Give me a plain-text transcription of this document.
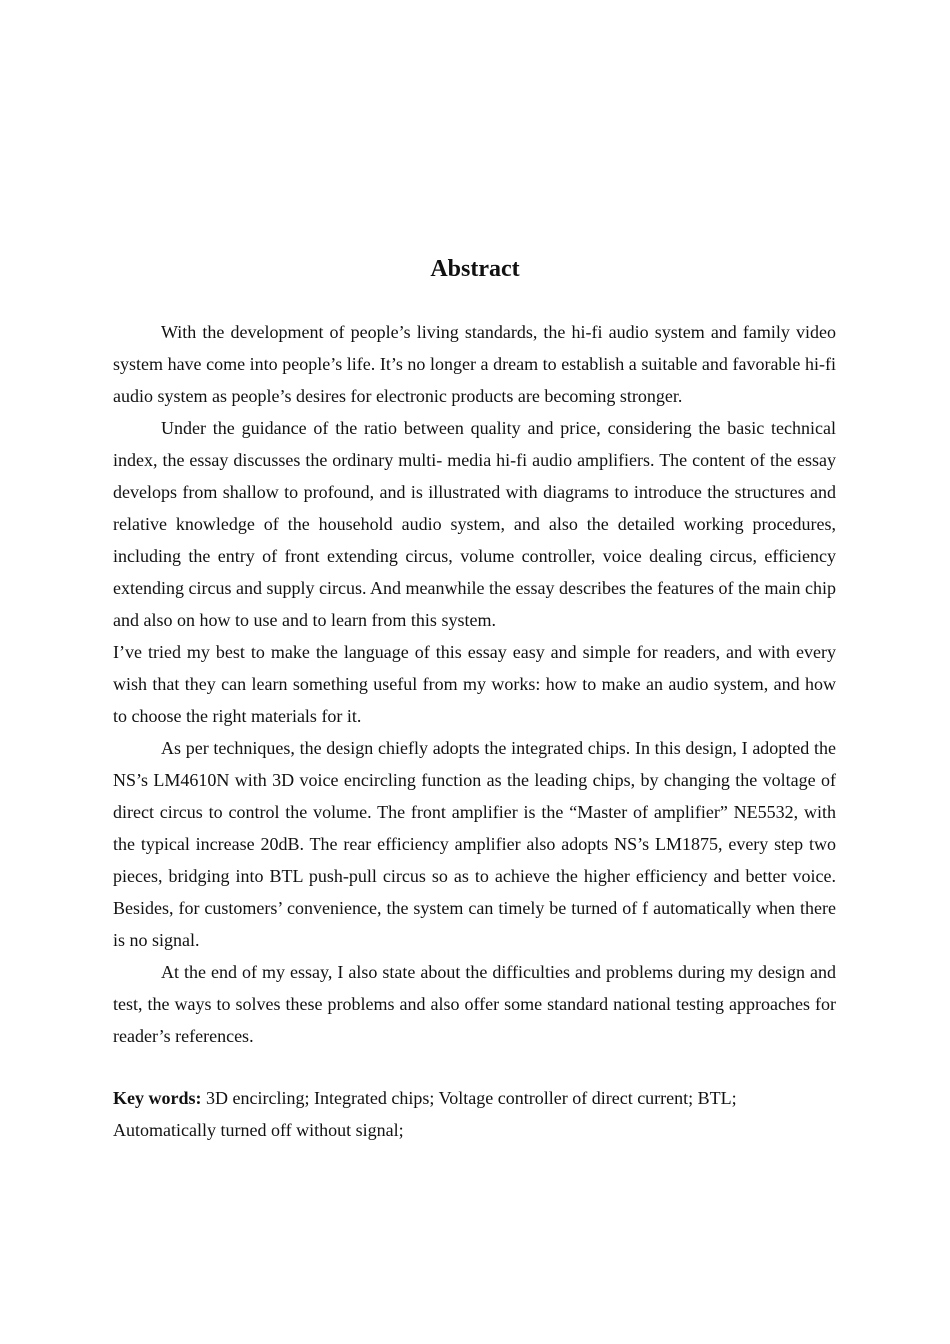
Abstract

With the development of people’s living standards, the hi-fi audio system and family video system have come into people’s life. It’s no longer a dream to establish a suitable and favorable hi-fi audio system as people’s desires for electronic products are becoming stronger.

Under the guidance of the ratio between quality and price, considering the basic technical index, the essay discusses the ordinary multi- media hi-fi audio amplifiers. The content of the essay develops from shallow to profound, and is illustrated with diagrams to introduce the structures and relative knowledge of the household audio system, and also the detailed working procedures, including the entry of front extending circus, volume controller, voice dealing circus, efficiency extending circus and supply circus. And meanwhile the essay describes the features of the main chip and also on how to use and to learn from this system.

I’ve tried my best to make the language of this essay easy and simple for readers, and with every wish that they can learn something useful from my works: how to make an audio system, and how to choose the right materials for it.

As per techniques, the design chiefly adopts the integrated chips. In this design, I adopted the NS’s LM4610N with 3D voice encircling function as the leading chips, by changing the voltage of direct circus to control the volume. The front amplifier is the “Master of amplifier” NE5532, with the typical increase 20dB. The rear efficiency amplifier also adopts NS’s LM1875, every step two pieces, bridging into BTL push-pull circus so as to achieve the higher efficiency and better voice. Besides, for customers’ convenience, the system can timely be turned of f automatically when there is no signal.

At the end of my essay, I also state about the difficulties and problems during my design and test, the ways to solves these problems and also offer some standard national testing approaches for reader’s references.

Key words: 3D encircling; Integrated chips; Voltage controller of direct current; BTL; Automatically turned off without signal;
